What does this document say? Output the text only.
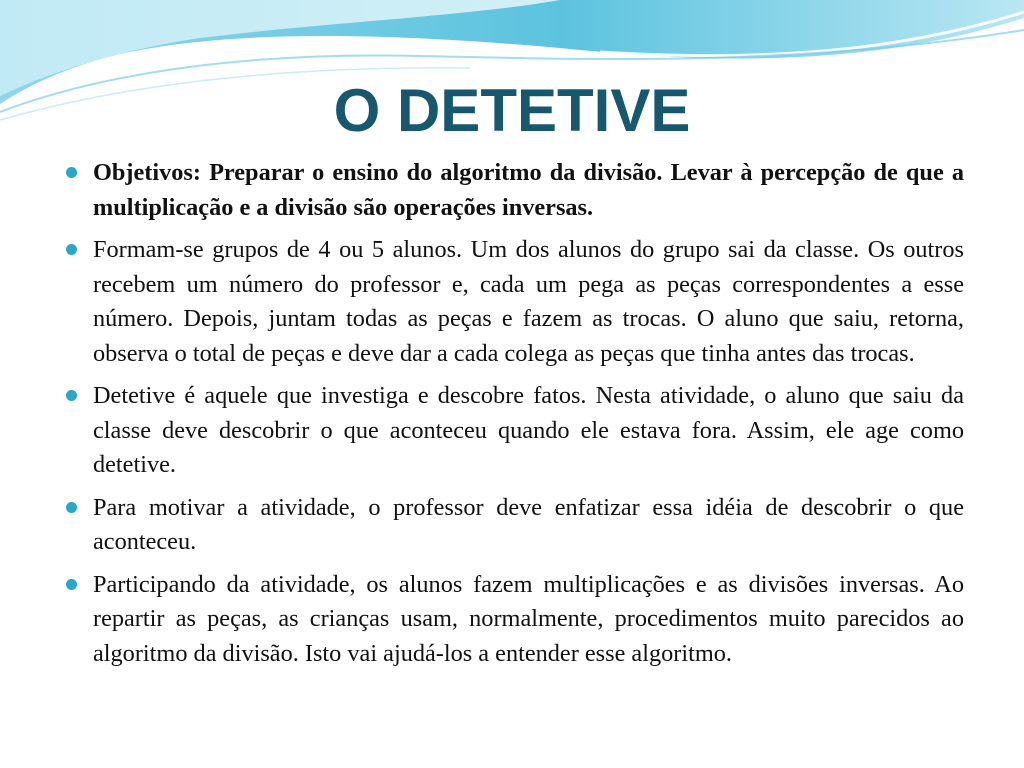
O DETETIVE
Objetivos: Preparar o ensino do algoritmo da divisão. Levar à percepção de que a multiplicação e a divisão são operações inversas.
Formam-se grupos de 4 ou 5 alunos. Um dos alunos do grupo sai da classe. Os outros recebem um número do professor e, cada um pega as peças correspondentes a esse número. Depois, juntam todas as peças e fazem as trocas. O aluno que saiu, retorna, observa o total de peças e deve dar a cada colega as peças que tinha antes das trocas.
Detetive é aquele que investiga e descobre fatos. Nesta atividade, o aluno que saiu da classe deve descobrir o que aconteceu quando ele estava fora. Assim, ele age como detetive.
Para motivar a atividade, o professor deve enfatizar essa idéia de descobrir o que aconteceu.
Participando da atividade, os alunos fazem multiplicações e as divisões inversas. Ao repartir as peças, as crianças usam, normalmente, procedimentos muito parecidos ao algoritmo da divisão. Isto vai ajudá-los a entender esse algoritmo.
